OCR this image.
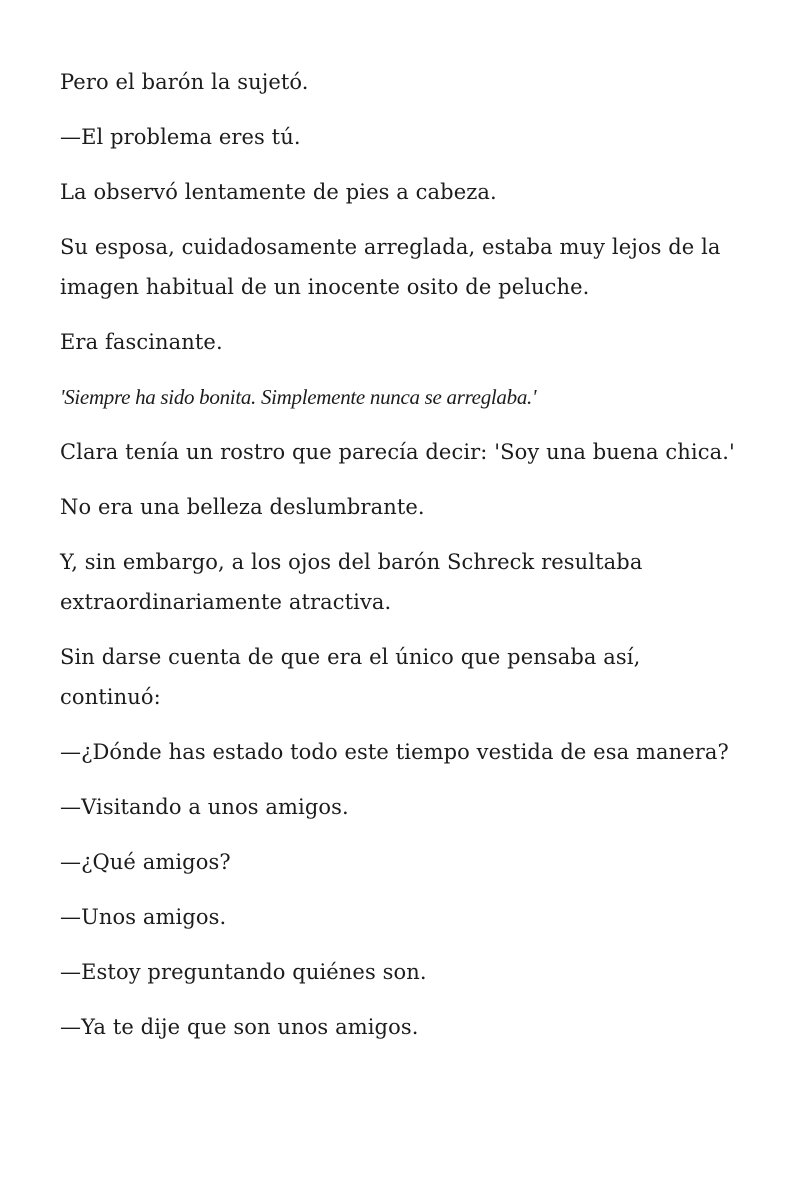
Pero el barón la sujetó.

—El problema eres tú.

La observó lentamente de pies a cabeza.

Su esposa, cuidadosamente arreglada, estaba muy lejos de la imagen habitual de un inocente osito de peluche.

Era fascinante.

'Siempre ha sido bonita. Simplemente nunca se arreglaba.'

Clara tenía un rostro que parecía decir: 'Soy una buena chica.'

No era una belleza deslumbrante.

Y, sin embargo, a los ojos del barón Schreck resultaba extraordinariamente atractiva.

Sin darse cuenta de que era el único que pensaba así, continuó:

—¿Dónde has estado todo este tiempo vestida de esa manera?

—Visitando a unos amigos.

—¿Qué amigos?

—Unos amigos.

—Estoy preguntando quiénes son.

—Ya te dije que son unos amigos.
